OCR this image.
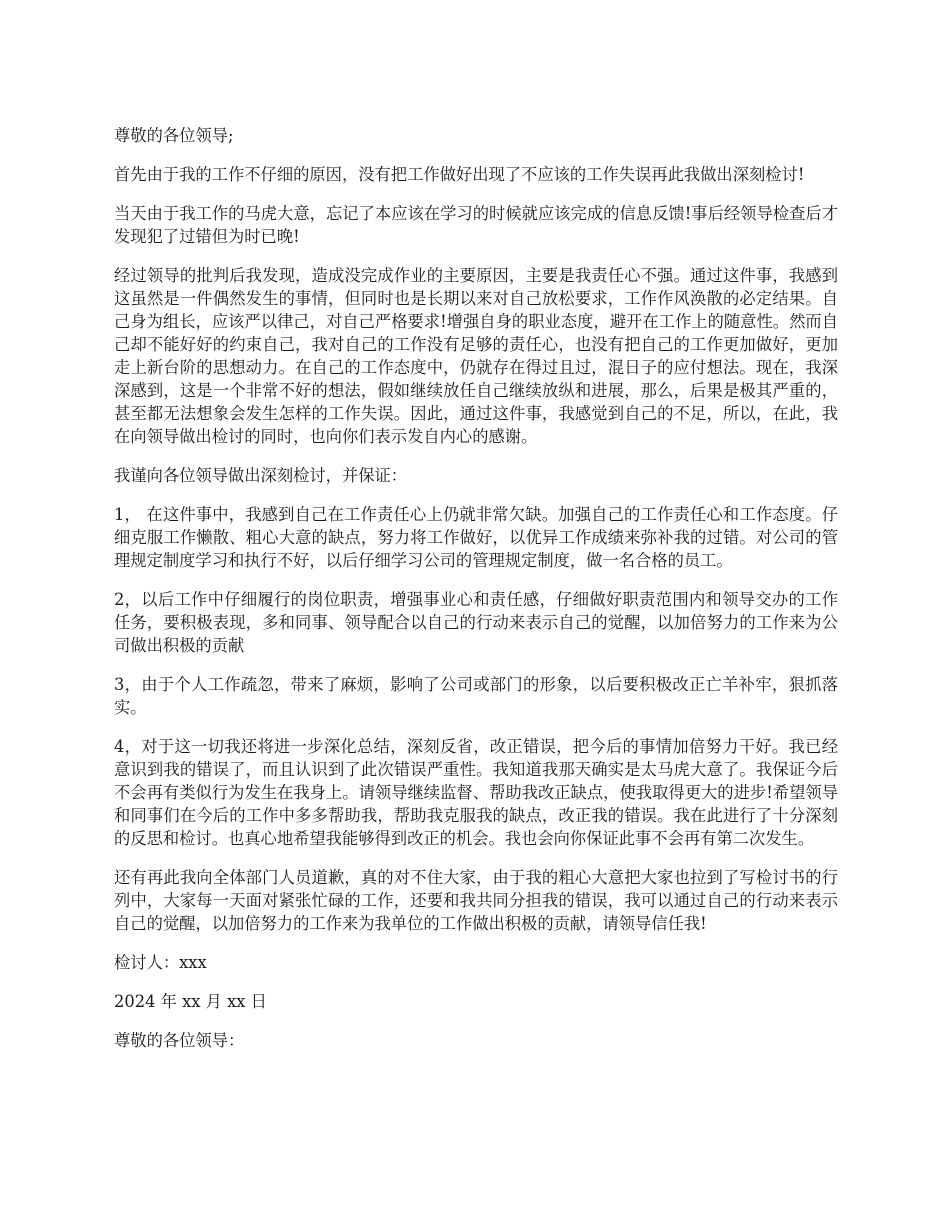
尊敬的各位领导;

首先由于我的工作不仔细的原因，没有把工作做好出现了不应该的工作失误再此我做出深刻检讨!

当天由于我工作的马虎大意，忘记了本应该在学习的时候就应该完成的信息反馈!事后经领导检查后才发现犯了过错但为时已晚!

经过领导的批判后我发现，造成没完成作业的主要原因，主要是我责任心不强。通过这件事，我感到这虽然是一件偶然发生的事情，但同时也是长期以来对自己放松要求，工作作风涣散的必定结果。自己身为组长，应该严以律己，对自己严格要求!增强自身的职业态度，避开在工作上的随意性。然而自己却不能好好的约束自己，我对自己的工作没有足够的责任心，也没有把自己的工作更加做好，更加走上新台阶的思想动力。在自己的工作态度中，仍就存在得过且过，混日子的应付想法。现在，我深深感到，这是一个非常不好的想法，假如继续放任自己继续放纵和进展，那么，后果是极其严重的，甚至都无法想象会发生怎样的工作失误。因此，通过这件事，我感觉到自己的不足，所以，在此，我在向领导做出检讨的同时，也向你们表示发自内心的感谢。

我谨向各位领导做出深刻检讨，并保证：

1， 在这件事中，我感到自己在工作责任心上仍就非常欠缺。加强自己的工作责任心和工作态度。仔细克服工作懒散、粗心大意的缺点，努力将工作做好，以优异工作成绩来弥补我的过错。对公司的管理规定制度学习和执行不好，以后仔细学习公司的管理规定制度，做一名合格的员工。

2，以后工作中仔细履行的岗位职责，增强事业心和责任感，仔细做好职责范围内和领导交办的工作任务，要积极表现，多和同事、领导配合以自己的行动来表示自己的觉醒，以加倍努力的工作来为公司做出积极的贡献

3，由于个人工作疏忽，带来了麻烦，影响了公司或部门的形象，以后要积极改正亡羊补牢，狠抓落实。

4，对于这一切我还将进一步深化总结，深刻反省，改正错误，把今后的事情加倍努力干好。我已经意识到我的错误了，而且认识到了此次错误严重性。我知道我那天确实是太马虎大意了。我保证今后不会再有类似行为发生在我身上。请领导继续监督、帮助我改正缺点，使我取得更大的进步!希望领导和同事们在今后的工作中多多帮助我，帮助我克服我的缺点，改正我的错误。我在此进行了十分深刻的反思和检讨。也真心地希望我能够得到改正的机会。我也会向你保证此事不会再有第二次发生。

还有再此我向全体部门人员道歉，真的对不住大家，由于我的粗心大意把大家也拉到了写检讨书的行列中，大家每一天面对紧张忙碌的工作，还要和我共同分担我的错误，我可以通过自己的行动来表示自己的觉醒，以加倍努力的工作来为我单位的工作做出积极的贡献，请领导信任我!

检讨人：xxx

2024 年 xx 月 xx 日

尊敬的各位领导：
